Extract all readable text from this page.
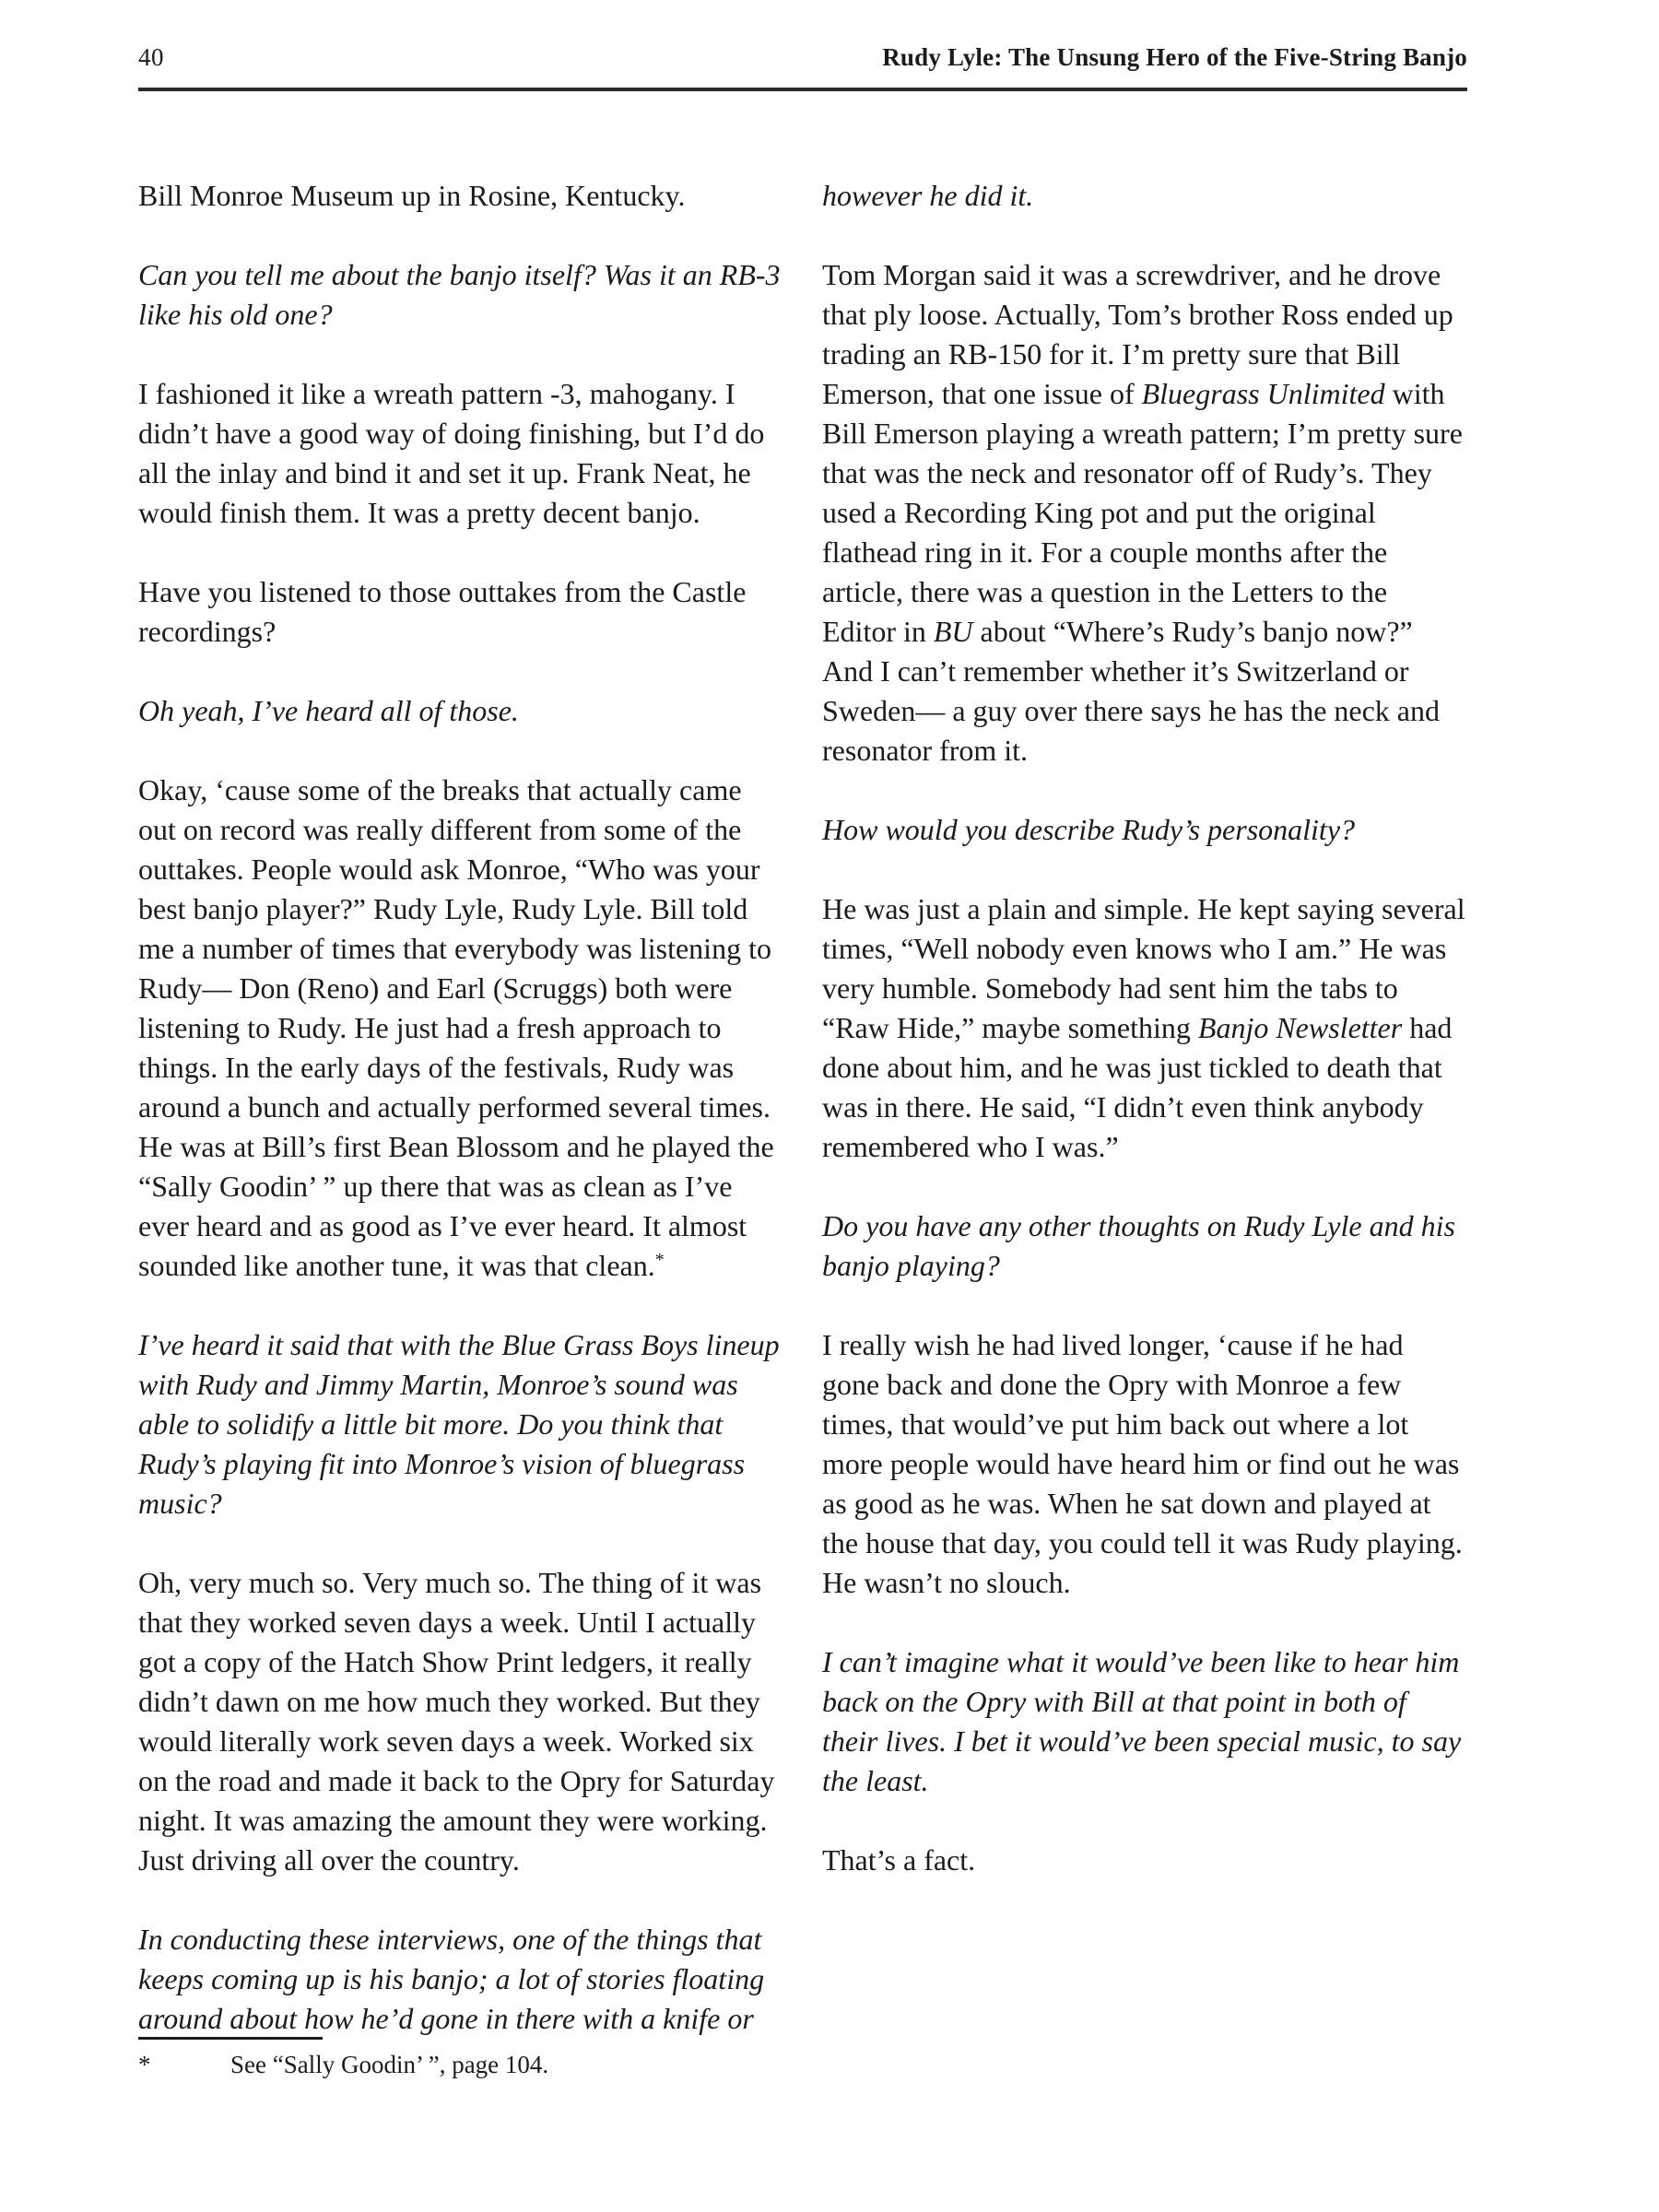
40	Rudy Lyle: The Unsung Hero of the Five-String Banjo

Bill Monroe Museum up in Rosine, Kentucky.

Can you tell me about the banjo itself? Was it an RB-3 like his old one?

I fashioned it like a wreath pattern -3, mahogany. I didn’t have a good way of doing finishing, but I’d do all the inlay and bind it and set it up. Frank Neat, he would finish them. It was a pretty decent banjo.

Have you listened to those outtakes from the Castle recordings?

Oh yeah, I’ve heard all of those.

Okay, ‘cause some of the breaks that actually came out on record was really different from some of the outtakes. People would ask Monroe, “Who was your best banjo player?” Rudy Lyle, Rudy Lyle. Bill told me a number of times that everybody was listening to Rudy— Don (Reno) and Earl (Scruggs) both were listening to Rudy. He just had a fresh approach to things. In the early days of the festivals, Rudy was around a bunch and actually performed several times. He was at Bill’s first Bean Blossom and he played the “Sally Goodin’ ” up there that was as clean as I’ve ever heard and as good as I’ve ever heard. It almost sounded like another tune, it was that clean.*

I’ve heard it said that with the Blue Grass Boys lineup with Rudy and Jimmy Martin, Monroe’s sound was able to solidify a little bit more. Do you think that Rudy’s playing fit into Monroe’s vision of bluegrass music?

Oh, very much so. Very much so. The thing of it was that they worked seven days a week. Until I actually got a copy of the Hatch Show Print ledgers, it really didn’t dawn on me how much they worked. But they would literally work seven days a week. Worked six on the road and made it back to the Opry for Saturday night. It was amazing the amount they were working. Just driving all over the country.

In conducting these interviews, one of the things that keeps coming up is his banjo; a lot of stories floating around about how he’d gone in there with a knife or

*	See “Sally Goodin’ ”, page 104.

however he did it.

Tom Morgan said it was a screwdriver, and he drove that ply loose. Actually, Tom’s brother Ross ended up trading an RB-150 for it. I’m pretty sure that Bill Emerson, that one issue of Bluegrass Unlimited with Bill Emerson playing a wreath pattern; I’m pretty sure that was the neck and resonator off of Rudy’s. They used a Recording King pot and put the original flathead ring in it. For a couple months after the article, there was a question in the Letters to the Editor in BU about “Where’s Rudy’s banjo now?” And I can’t remember whether it’s Switzerland or Sweden— a guy over there says he has the neck and resonator from it.

How would you describe Rudy’s personality?

He was just a plain and simple. He kept saying several times, “Well nobody even knows who I am.” He was very humble. Somebody had sent him the tabs to “Raw Hide,” maybe something Banjo Newsletter had done about him, and he was just tickled to death that was in there. He said, “I didn’t even think anybody remembered who I was.”

Do you have any other thoughts on Rudy Lyle and his banjo playing?

I really wish he had lived longer, ‘cause if he had gone back and done the Opry with Monroe a few times, that would’ve put him back out where a lot more people would have heard him or find out he was as good as he was. When he sat down and played at the house that day, you could tell it was Rudy playing. He wasn’t no slouch.

I can’t imagine what it would’ve been like to hear him back on the Opry with Bill at that point in both of their lives. I bet it would’ve been special music, to say the least.

That’s a fact.
